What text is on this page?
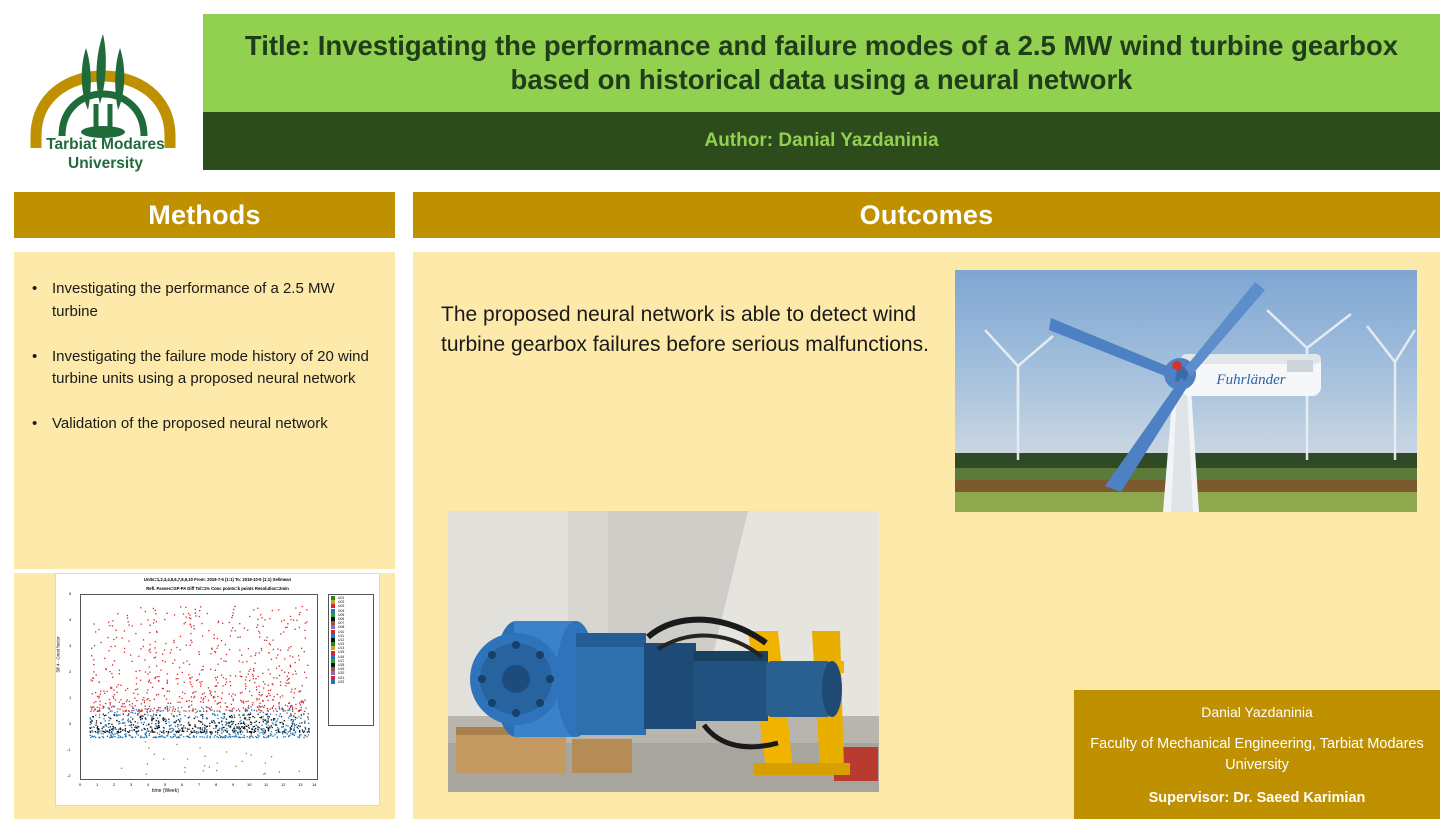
Tarbiat Modares
University
Title: Investigating the performance and failure modes of a 2.5 MW wind turbine gearbox based on historical data using a neural network
Author: Danial Yazdaninia
Methods	Outcomes
• Investigating the performance of a 2.5 MW turbine
• Investigating the failure mode history of 20 wind turbine units using a proposed neural network
• Validation of the proposed neural network
The proposed neural network is able to detect wind turbine gearbox failures before serious malfunctions.
Fuhrländer
Units=1,2,3,4,5,6,7,8,9,10 From: 2019-7-5 (1:1) To: 2019-10-5 (1:1) Sel/mean
Refl. Passes=GP-PA Diff Tol=1% Conc points=k points Resolution=2min
Sif 4 - Crest factor
time (Week)
5
4
3
2
1
0
-1
-2
0	1	2	3	4	5	6	7	8	9	10	11	12	13 14
U01
U02
U03
U04
U05
U06
U07
U08
U10
U11
U12
U13
U14
U15
U16
U17
U18
U19
U20
U21
U22
Danial Yazdaninia
Faculty of Mechanical Engineering, Tarbiat Modares University
Supervisor: Dr. Saeed Karimian
